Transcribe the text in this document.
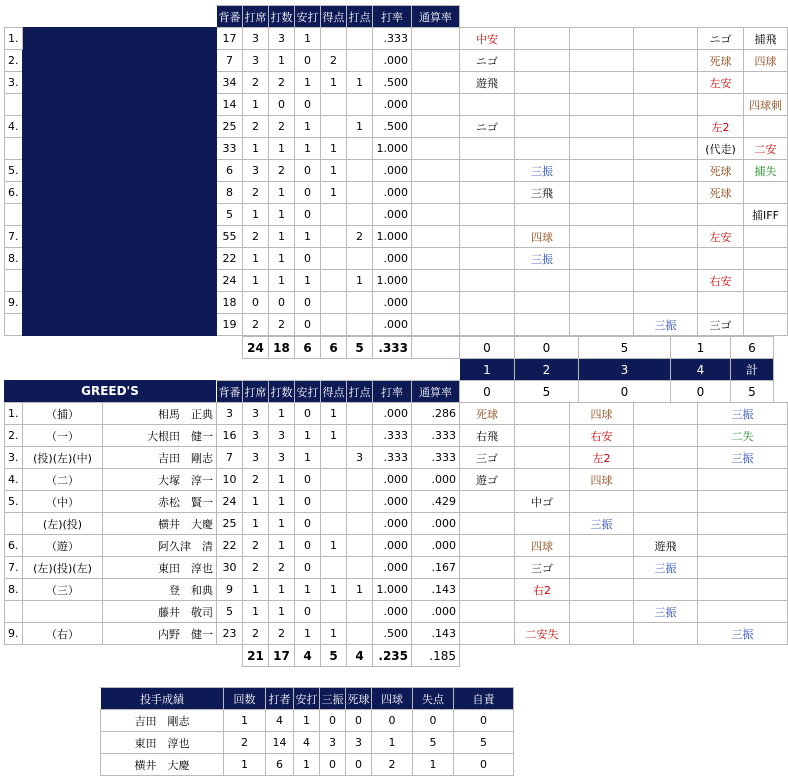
背番	打席	打数	安打	得点	打点	打率	通算率
1.		17	3	3	1			.333		中安				ニゴ	捕飛
2.		7	3	1	0	2		.000		ニゴ				死球	四球
3.		34	2	2	1	1	1	.500		遊飛				左安	
		14	1	0	0			.000							四球刺
4.		25	2	2	1		1	.500		ニゴ				左2	
		33	1	1	1	1		1.000						(代走)	二安
5.		6	3	2	0	1		.000			三振			死球	捕失
6.		8	2	1	0	1		.000			三飛			死球	
		5	1	1	0			.000							捕IFF
7.		55	2	1	1		2	1.000			四球			左安	
8.		22	1	1	0			.000			三振				
		24	1	1	1		1	1.000						右安	
9.		18	0	0	0			.000							
		19	2	2	0			.000					三振	三ゴ	
24	18	6	6	5	.333		0	0	5	1	6
1	2	3	4	計
0	5	0	0	5
GREED'S	背番	打席	打数	安打	得点	打点	打率	通算率
1.	（捕）	相馬　正典	3	3	1	0	1		.000	.286	死球		四球		三振
2.	（一）	大根田　健一	16	3	3	1	1		.333	.333	右飛		右安		二失
3.	(投)(左)(中)	吉田　剛志	7	3	3	1		3	.333	.333	三ゴ		左2		三振
4.	（二）	大塚　淳一	10	2	1	0			.000	.000	遊ゴ		四球		
5.	（中）	赤松　賢一	24	1	1	0			.000	.429		中ゴ			
	(左)(投)	横井　大慶	25	1	1	0			.000	.000			三振		
6.	（遊）	阿久津　清	22	2	1	0	1		.000	.000		四球		遊飛	
7.	(左)(投)(左)	東田　淳也	30	2	2	0			.000	.167		三ゴ		三振	
8.	（三）	登　和典	9	1	1	1	1	1	1.000	.143		右2			
		藤井　敬司	5	1	1	0			.000	.000				三振	
9.	（右）	内野　健一	23	2	2	1	1		.500	.143		二安失			三振
21	17	4	5	4	.235	.185
投手成績	回数	打者	安打	三振	死球	四球	失点	自責
吉田　剛志	1	4	1	0	0	0	0	0
東田　淳也	2	14	4	3	3	1	5	5
横井　大慶	1	6	1	0	0	2	1	0
